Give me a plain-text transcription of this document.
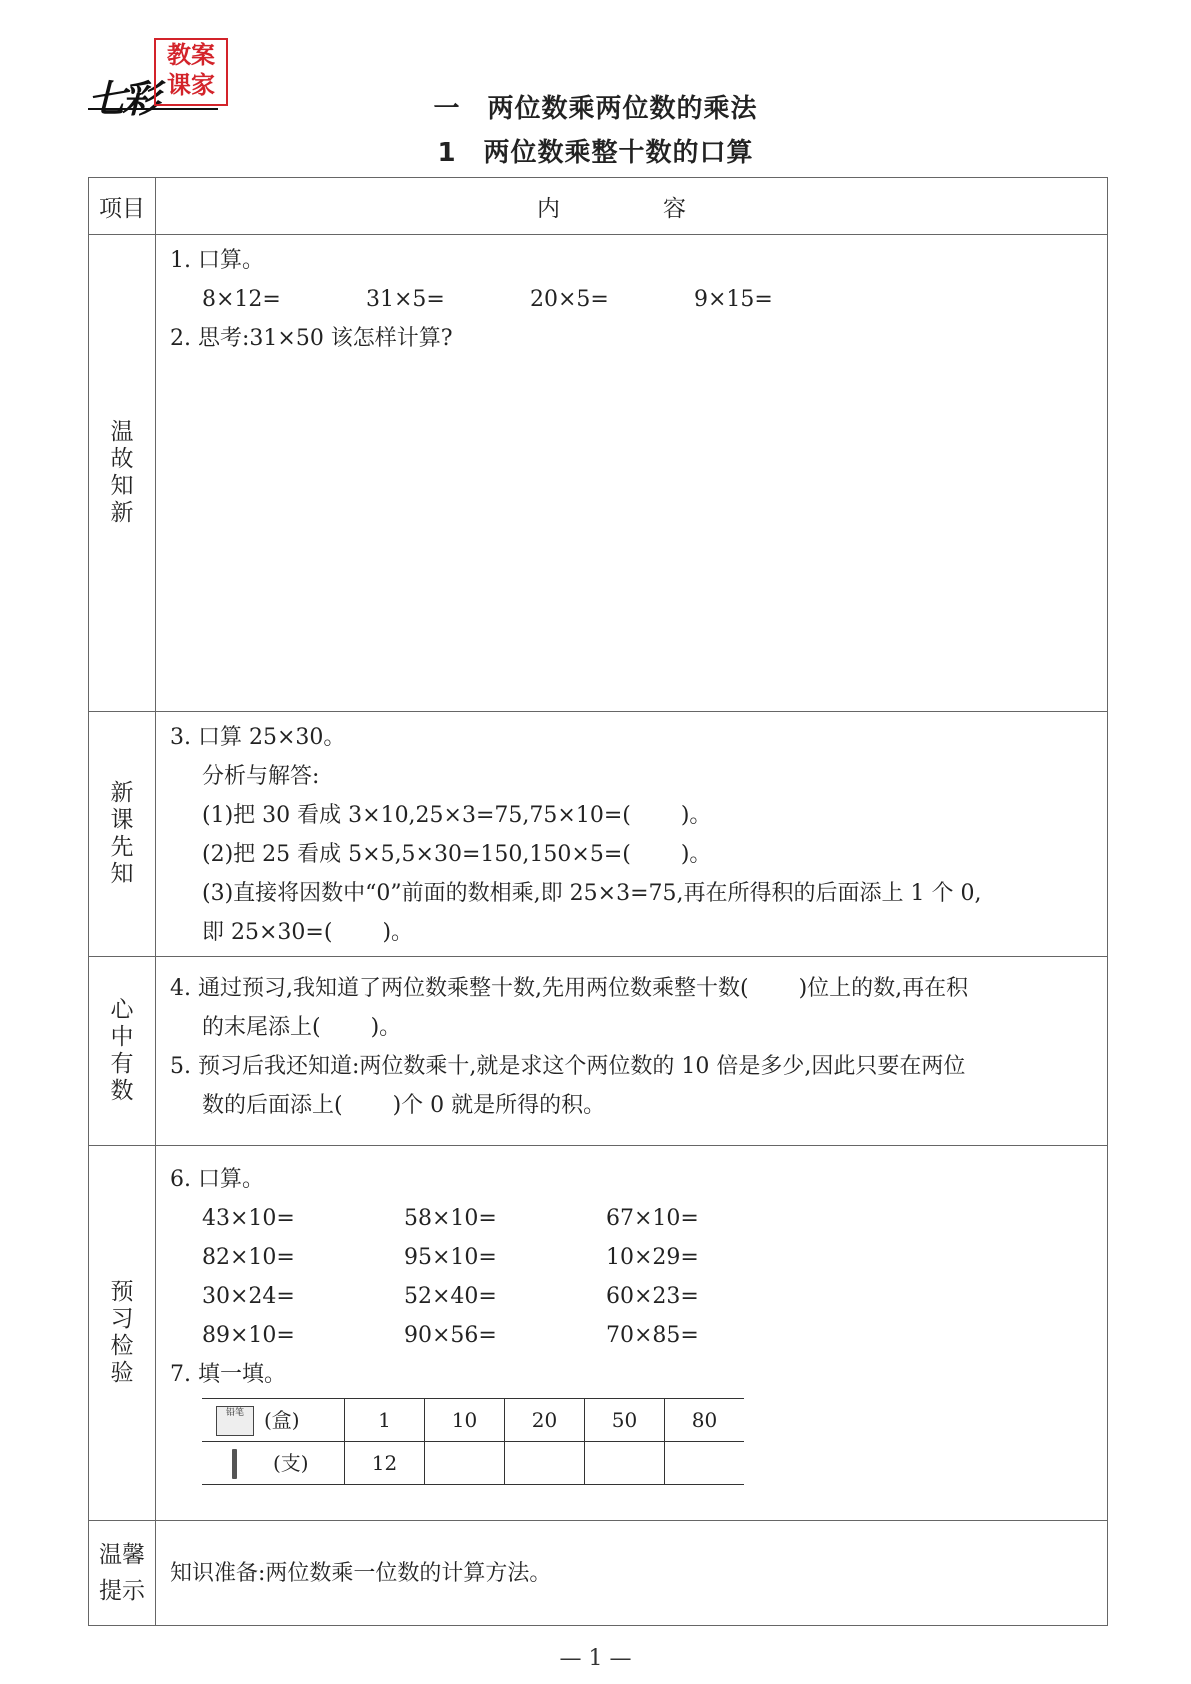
七彩
教案
课家
一　两位数乘两位数的乘法
1　两位数乘整十数的口算
项目	内　容

温
故
知
新

1. 口算。
8×12=	31×5=	20×5=	9×15=
2. 思考:31×50 该怎样计算?

新
课
先
知

3. 口算 25×30。
分析与解答:
(1)把 30 看成 3×10,25×3=75,75×10=( )。
(2)把 25 看成 5×5,5×30=150,150×5=( )。
(3)直接将因数中“0”前面的数相乘,即 25×3=75,再在所得积的后面添上 1 个 0,
即 25×30=( )。

心
中
有
数

4. 通过预习,我知道了两位数乘整十数,先用两位数乘整十数( )位上的数,再在积
的末尾添上( )。
5. 预习后我还知道:两位数乘十,就是求这个两位数的 10 倍是多少,因此只要在两位
数的后面添上( )个 0 就是所得的积。

预
习
检
验

6. 口算。
43×10=	58×10=	67×10=
82×10=	95×10=	10×29=
30×24=	52×40=	60×23=
89×10=	90×56=	70×85=
7. 填一填。
铅笔 (盒)	1	10	20	50	80
(支)	12				

温馨
提示
	知识准备:两位数乘一位数的计算方法。
— 1 —
